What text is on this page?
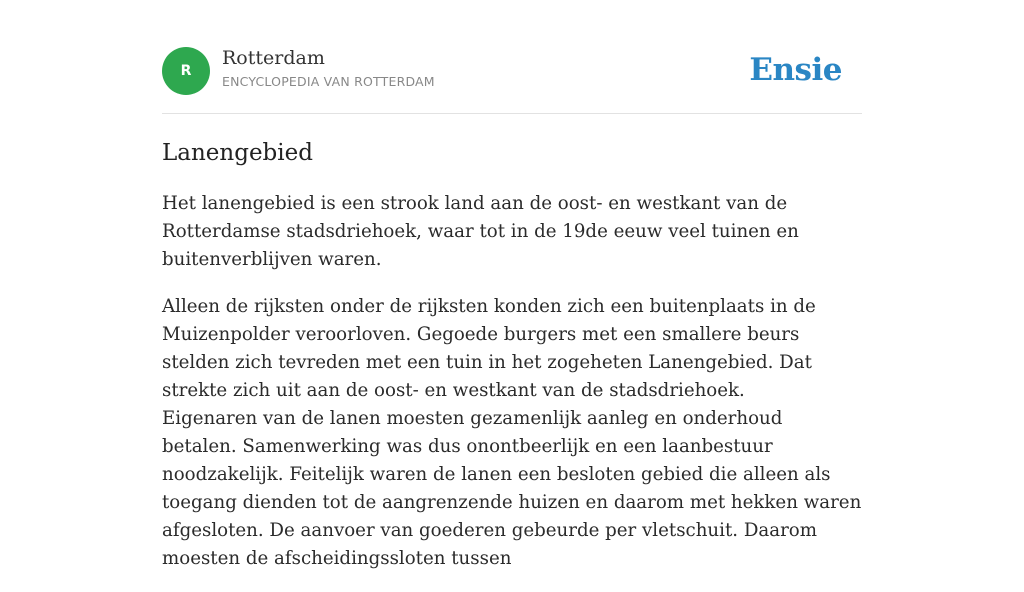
R
Rotterdam
ENCYCLOPEDIA VAN ROTTERDAM	Ensie
Lanengebied

Het lanengebied is een strook land aan de oost- en westkant van de Rotterdamse stadsdriehoek, waar tot in de 19de eeuw veel tuinen en buitenverblijven waren.

Alleen de rijksten onder de rijksten konden zich een buitenplaats in de Muizenpolder veroorloven. Gegoede burgers met een smallere beurs stelden zich tevreden met een tuin in het zogeheten Lanengebied. Dat strekte zich uit aan de oost- en westkant van de stadsdriehoek.
Eigenaren van de lanen moesten gezamenlijk aanleg en onderhoud betalen. Samenwerking was dus onontbeerlijk en een laanbestuur noodzakelijk. Feitelijk waren de lanen een besloten gebied die alleen als toegang dienden tot de aangrenzende huizen en daarom met hekken waren afgesloten. De aanvoer van goederen gebeurde per vletschuit. Daarom moesten de afscheidingssloten tussen
